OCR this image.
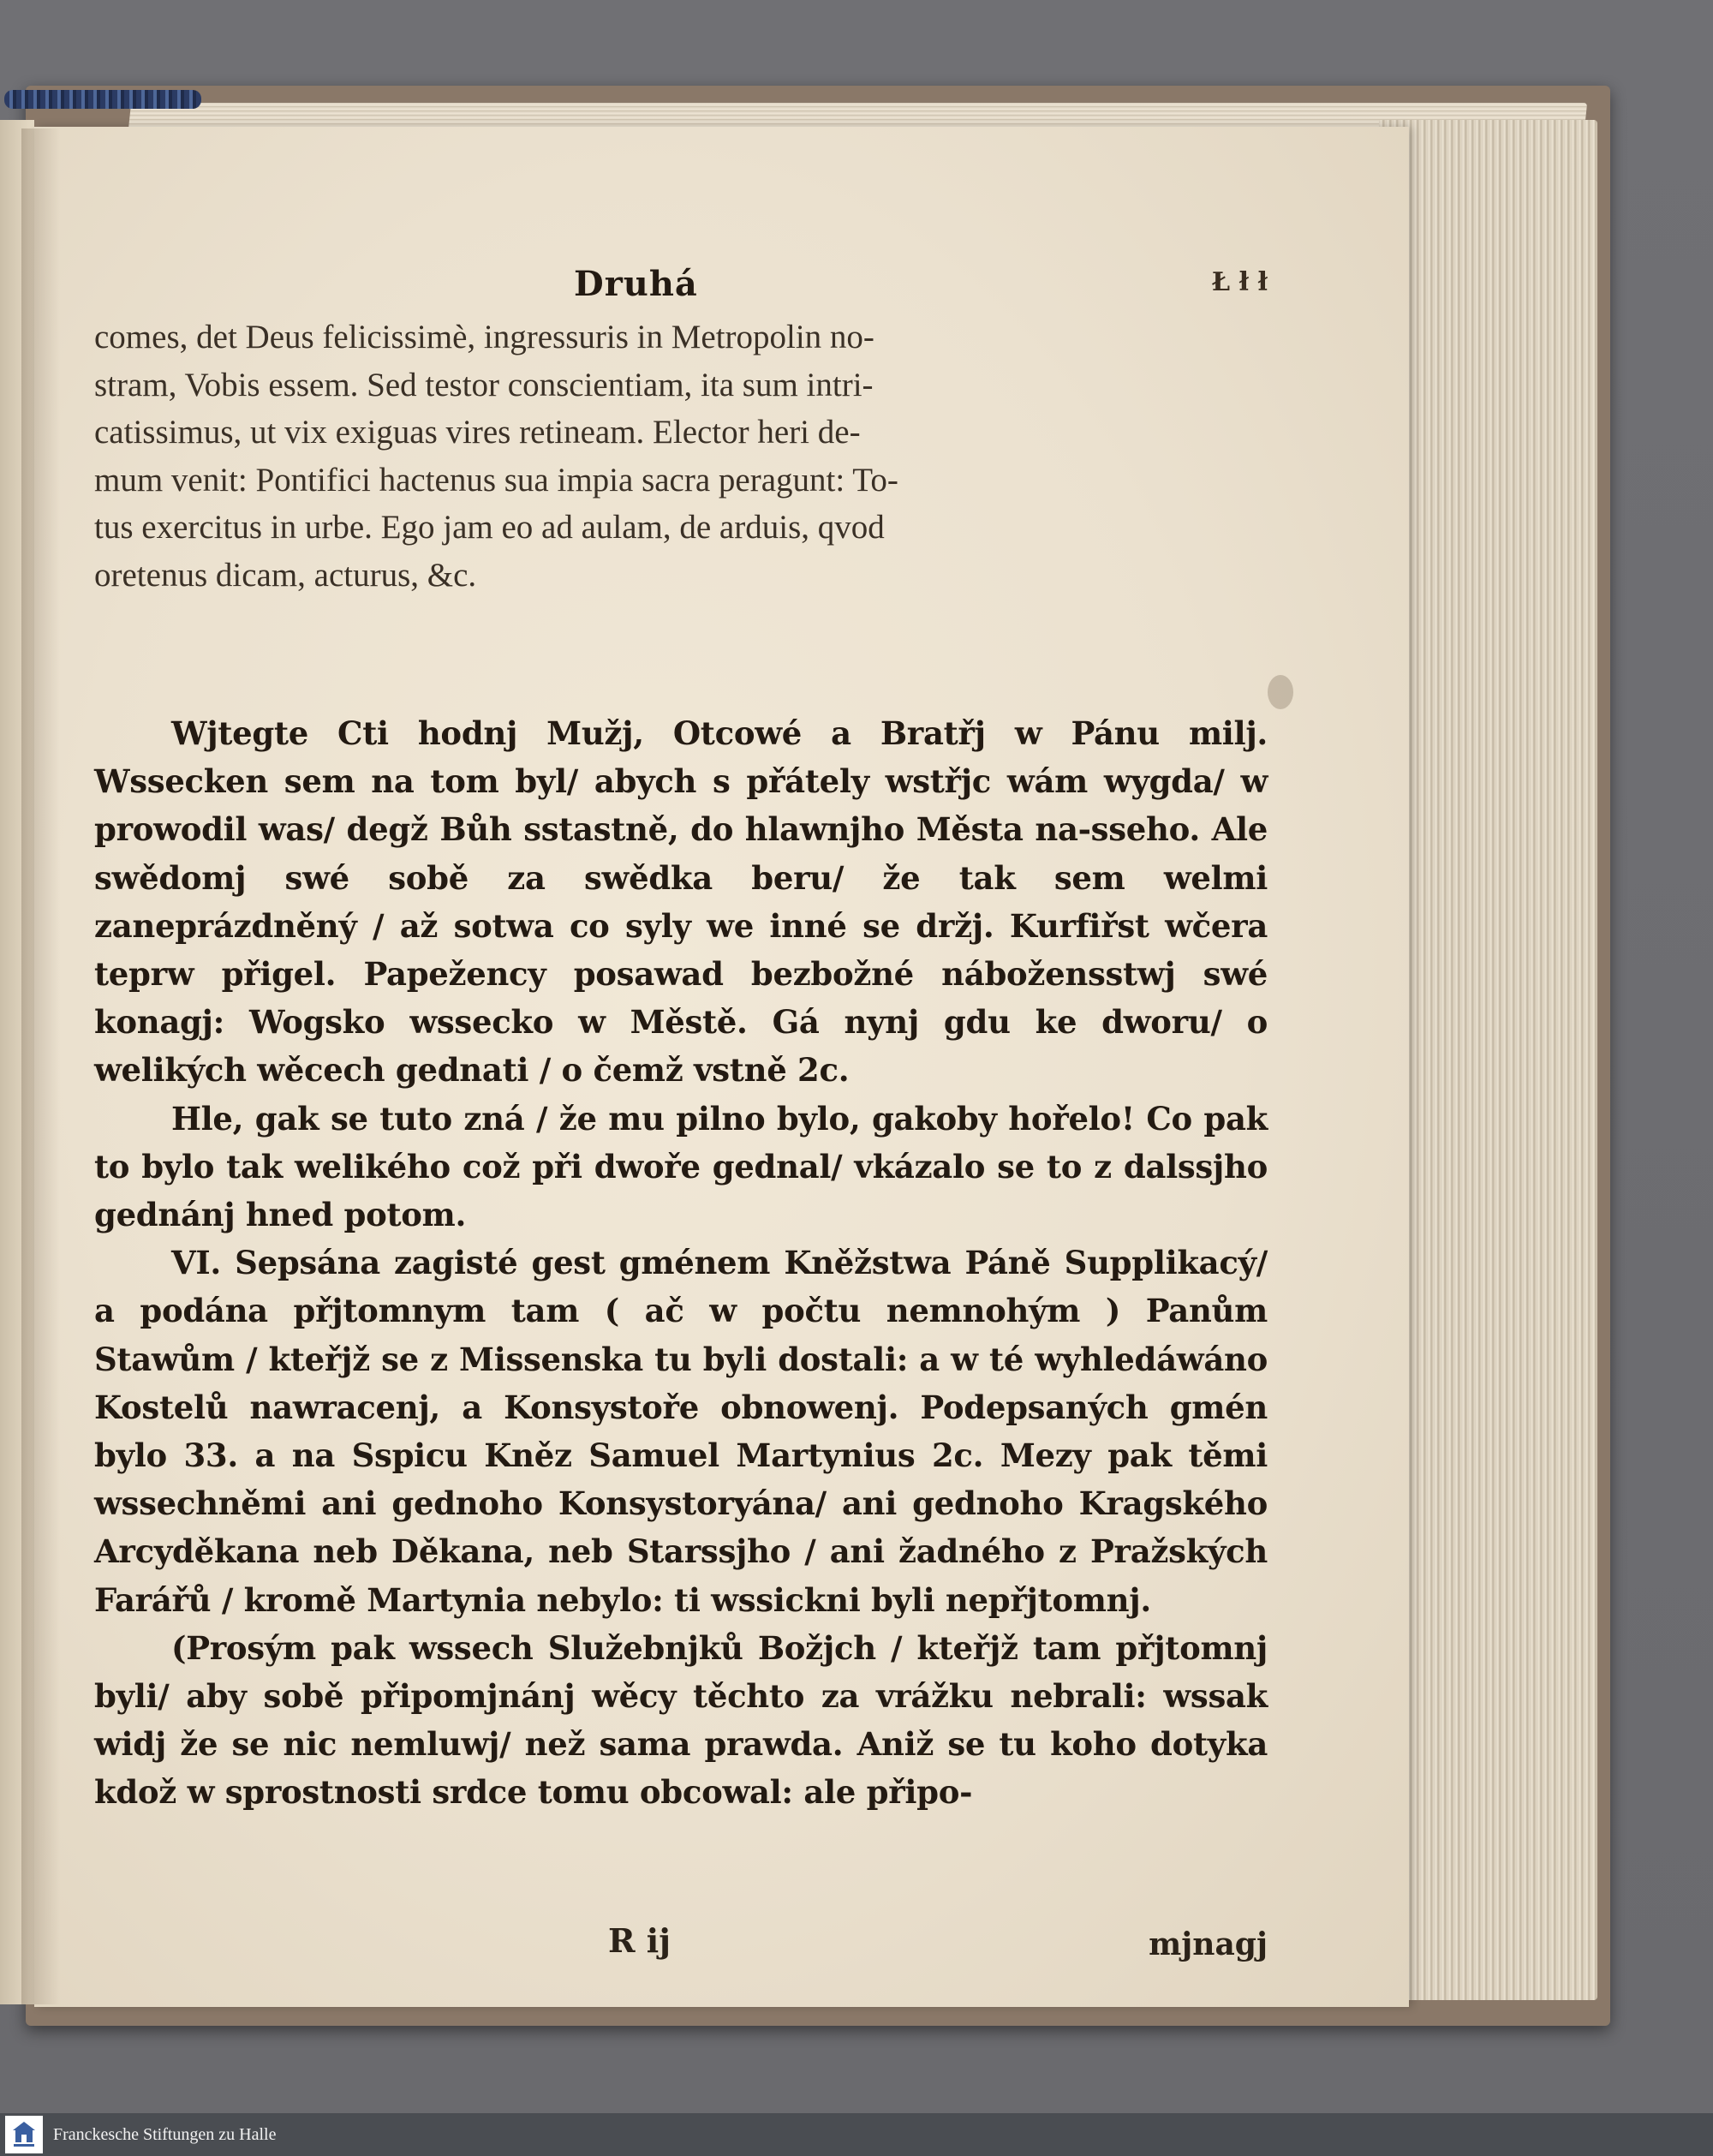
Druhá	Ł ł ł

comes, det Deus felicissimè, ingressuris in Metropolin no-

stram, Vobis essem. Sed testor conscientiam, ita sum intri-

catissimus, ut vix exiguas vires retineam. Elector heri de-

mum venit: Pontifici hactenus sua impia sacra peragunt: To-

tus exercitus in urbe. Ego jam eo ad aulam, de arduis, qvod

oretenus dicam, acturus, &c.

Wjtegte Cti hodnj Mužj, Otcowé a Bratřj w Pánu milj. Wssecken sem na tom byl/ abych s přátely wstřjc wám wygda/ w prowodil was/ degž Bůh sstastně, do hlawnjho Města na-sseho. Ale swědomj swé sobě za swědka beru/ že tak sem welmi zaneprázdněný / až sotwa co syly we inné se držj. Kurfiřst wčera teprw přigel. Papežency posawad bezbožné nábožensstwj swé konagj: Wogsko wssecko w Městě. Gá nynj gdu ke dworu/ o welikých wěcech gednati / o čemž vstně 2c.

Hle, gak se tuto zná / že mu pilno bylo, gakoby hořelo! Co pak to bylo tak welikého což při dwoře gednal/ vkázalo se to z dalssjho gednánj hned potom.

VI. Sepsána zagisté gest gménem Kněžstwa Páně Supplikacý/ a podána přjtomnym tam ( ač w počtu nemnohým ) Panům Stawům / kteřjž se z Missenska tu byli dostali: a w té wyhledáwáno Kostelů nawracenj, a Konsystoře obnowenj. Podepsaných gmén bylo 33. a na Sspicu Kněz Samuel Martynius 2c. Mezy pak těmi wssechněmi ani gednoho Konsystoryána/ ani gednoho Kragského Arcyděkana neb Děkana, neb Starssjho / ani žadného z Pražských Farářů / kromě Martynia nebylo: ti wssickni byli nepřjtomnj.

(Prosým pak wssech Služebnjků Božjch / kteřjž tam přjtomnj byli/ aby sobě připomjnánj wěcy těchto za vrážku nebrali: wssak widj že se nic nemluwj/ než sama prawda. Aniž se tu koho dotyka kdož w sprostnosti srdce tomu obcowal: ale připo-

R ij	mjnagj
Franckesche Stiftungen zu Halle
